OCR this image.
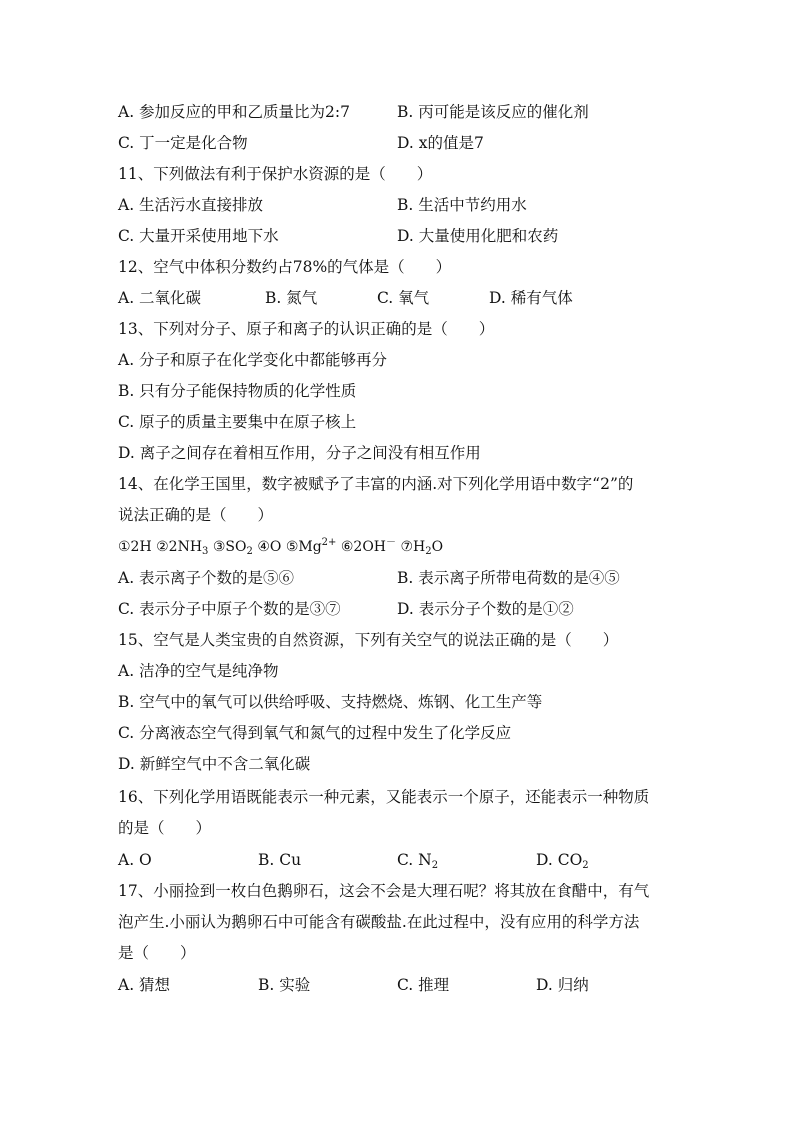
A. 参加反应的甲和乙质量比为2:7	B. 丙可能是该反应的催化剂
C. 丁一定是化合物	D. x的值是7
11、下列做法有利于保护水资源的是（　　）
A. 生活污水直接排放	B. 生活中节约用水
C. 大量开采使用地下水	D. 大量使用化肥和农药
12、空气中体积分数约占78%的气体是（　　）
A. 二氧化碳	B. 氮气	C. 氧气	D. 稀有气体
13、下列对分子、原子和离子的认识正确的是（　　）
A. 分子和原子在化学变化中都能够再分
B. 只有分子能保持物质的化学性质
C. 原子的质量主要集中在原子核上
D. 离子之间存在着相互作用，分子之间没有相互作用
14、在化学王国里，数字被赋予了丰富的内涵.对下列化学用语中数字“2”的
说法正确的是（　　）
①2H $②2NH_3$ $③SO_2$ ④O $⑤Mg^{2+}$ ⑥2OH－ $⑦H_2O$
A. 表示离子个数的是⑤⑥	B. 表示离子所带电荷数的是④⑤
C. 表示分子中原子个数的是③⑦	D. 表示分子个数的是①②
15、空气是人类宝贵的自然资源，下列有关空气的说法正确的是（　　）
A. 洁净的空气是纯净物
B. 空气中的氧气可以供给呼吸、支持燃烧、炼钢、化工生产等
C. 分离液态空气得到氧气和氮气的过程中发生了化学反应
D. 新鲜空气中不含二氧化碳
16、下列化学用语既能表示一种元素，又能表示一个原子，还能表示一种物质
的是（　　）
A. O	B. Cu	C. $N_2$	D. $CO_2$
17、小丽捡到一枚白色鹅卵石，这会不会是大理石呢？将其放在食醋中，有气
泡产生.小丽认为鹅卵石中可能含有碳酸盐.在此过程中，没有应用的科学方法
是（　　）
A. 猜想	B. 实验	C. 推理	D. 归纳
